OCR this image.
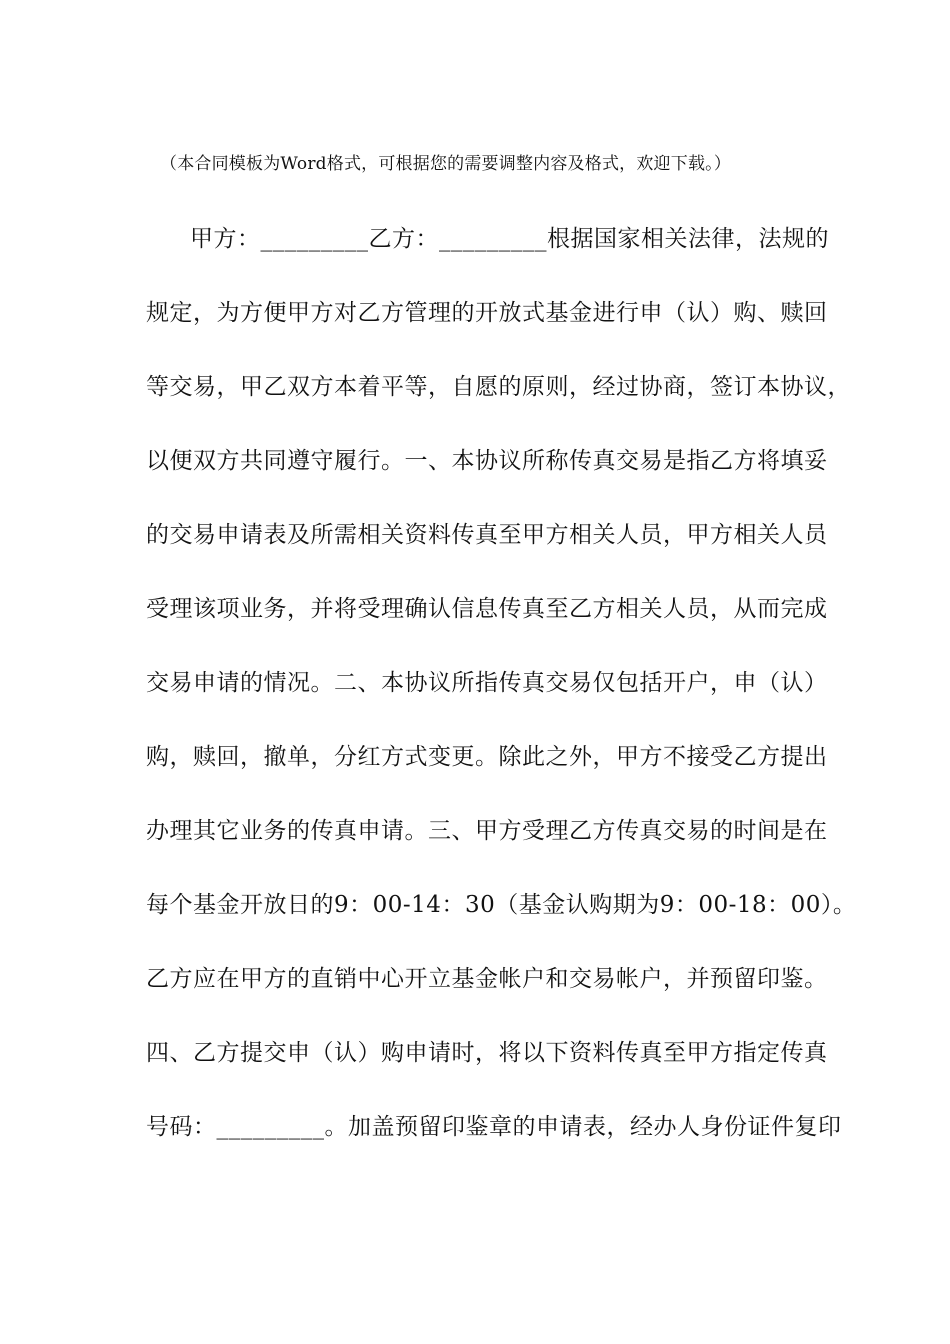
（本合同模板为Word格式，可根据您的需要调整内容及格式，欢迎下载。）
甲方：_________乙方：_________根据国家相关法律，法规的
规定，为方便甲方对乙方管理的开放式基金进行申（认）购、赎回
等交易，甲乙双方本着平等，自愿的原则，经过协商，签订本协议，
以便双方共同遵守履行。一、本协议所称传真交易是指乙方将填妥
的交易申请表及所需相关资料传真至甲方相关人员，甲方相关人员
受理该项业务，并将受理确认信息传真至乙方相关人员，从而完成
交易申请的情况。二、本协议所指传真交易仅包括开户，申（认）
购，赎回，撤单，分红方式变更。除此之外，甲方不接受乙方提出
办理其它业务的传真申请。三、甲方受理乙方传真交易的时间是在
每个基金开放日的9：00-14：30（基金认购期为9：00-18：00）。
乙方应在甲方的直销中心开立基金帐户和交易帐户，并预留印鉴。
四、乙方提交申（认）购申请时，将以下资料传真至甲方指定传真
号码：_________。加盖预留印鉴章的申请表，经办人身份证件复印
